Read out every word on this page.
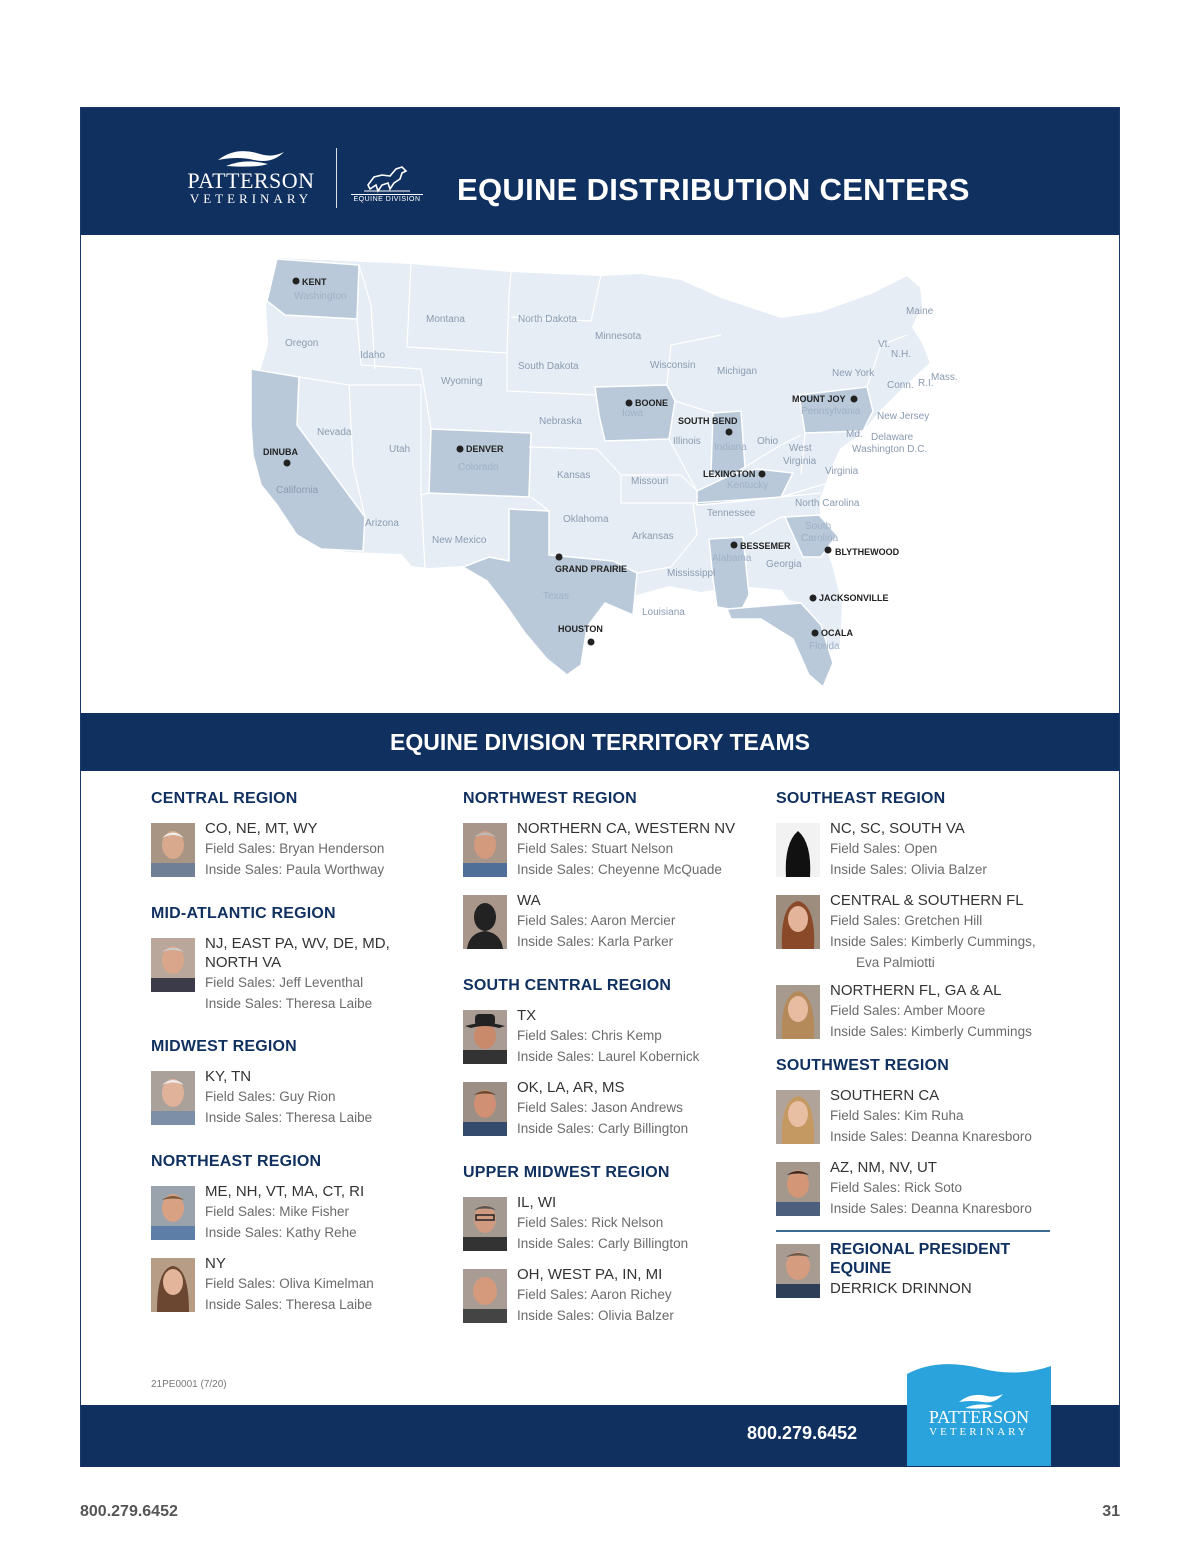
PATTERSON
VETERINARY	EQUINE DIVISION EQUINE DISTRIBUTION CENTERS
Montana	North Dakota
Minnesota
Maine
Oregon
Idaho
South Dakota	Wisconsin
Michigan
Vt.
N.H.
Wyoming
New York
Conn. R.I.
Mass.
Nebraska	New Jersey
Nevada
Utah
Illinois	Ohio
Md. Delaware
Washington D.C.
West
Virginia
Virginia
Kansas
Missouri
California
North Carolina
Tennessee
Oklahoma
Arizona
Arkansas
New Mexico
Georgia
Mississippi
Louisiana
Washington
Colorado
Iowa
Indiana
Kentucky
Pennsylvania
Alabama
South
Carolina
Texas
Florida
KENT
DINUBA	DENVER
BOONE
SOUTH BEND
LEXINGTON
MOUNT JOY
BESSEMER
BLYTHEWOOD
GRAND PRAIRIE
HOUSTON
JACKSONVILLE
OCALA
EQUINE DIVISION TERRITORY TEAMS
CENTRAL REGION
CO, NE, MT, WY
Field Sales: Bryan Henderson
Inside Sales: Paula Worthway
MID-ATLANTIC REGION
NJ, EAST PA, WV, DE, MD,
NORTH VA
Field Sales: Jeff Leventhal
Inside Sales: Theresa Laibe
MIDWEST REGION
KY, TN
Field Sales: Guy Rion
Inside Sales: Theresa Laibe
NORTHEAST REGION
ME, NH, VT, MA, CT, RI
Field Sales: Mike Fisher
Inside Sales: Kathy Rehe
NY
Field Sales: Oliva Kimelman
Inside Sales: Theresa Laibe
NORTHWEST REGION
NORTHERN CA, WESTERN NV
Field Sales: Stuart Nelson
Inside Sales: Cheyenne McQuade
WA
Field Sales: Aaron Mercier
Inside Sales: Karla Parker
SOUTH CENTRAL REGION
TX
Field Sales: Chris Kemp
Inside Sales: Laurel Kobernick
OK, LA, AR, MS
Field Sales: Jason Andrews
Inside Sales: Carly Billington
UPPER MIDWEST REGION
IL, WI
Field Sales: Rick Nelson
Inside Sales: Carly Billington
OH, WEST PA, IN, MI
Field Sales: Aaron Richey
Inside Sales: Olivia Balzer
SOUTHEAST REGION
NC, SC, SOUTH VA
Field Sales: Open
Inside Sales: Olivia Balzer
CENTRAL & SOUTHERN FL
Field Sales: Gretchen Hill
Inside Sales: Kimberly Cummings,
Eva Palmiotti
NORTHERN FL, GA & AL
Field Sales: Amber Moore
Inside Sales: Kimberly Cummings
SOUTHWEST REGION
SOUTHERN CA
Field Sales: Kim Ruha
Inside Sales: Deanna Knaresboro
AZ, NM, NV, UT
Field Sales: Rick Soto
Inside Sales: Deanna Knaresboro
REGIONAL PRESIDENT
EQUINE
DERRICK DRINNON
21PE0001 (7/20)
800.279.6452
PATTERSON
VETERINARY
800.279.6452	31
